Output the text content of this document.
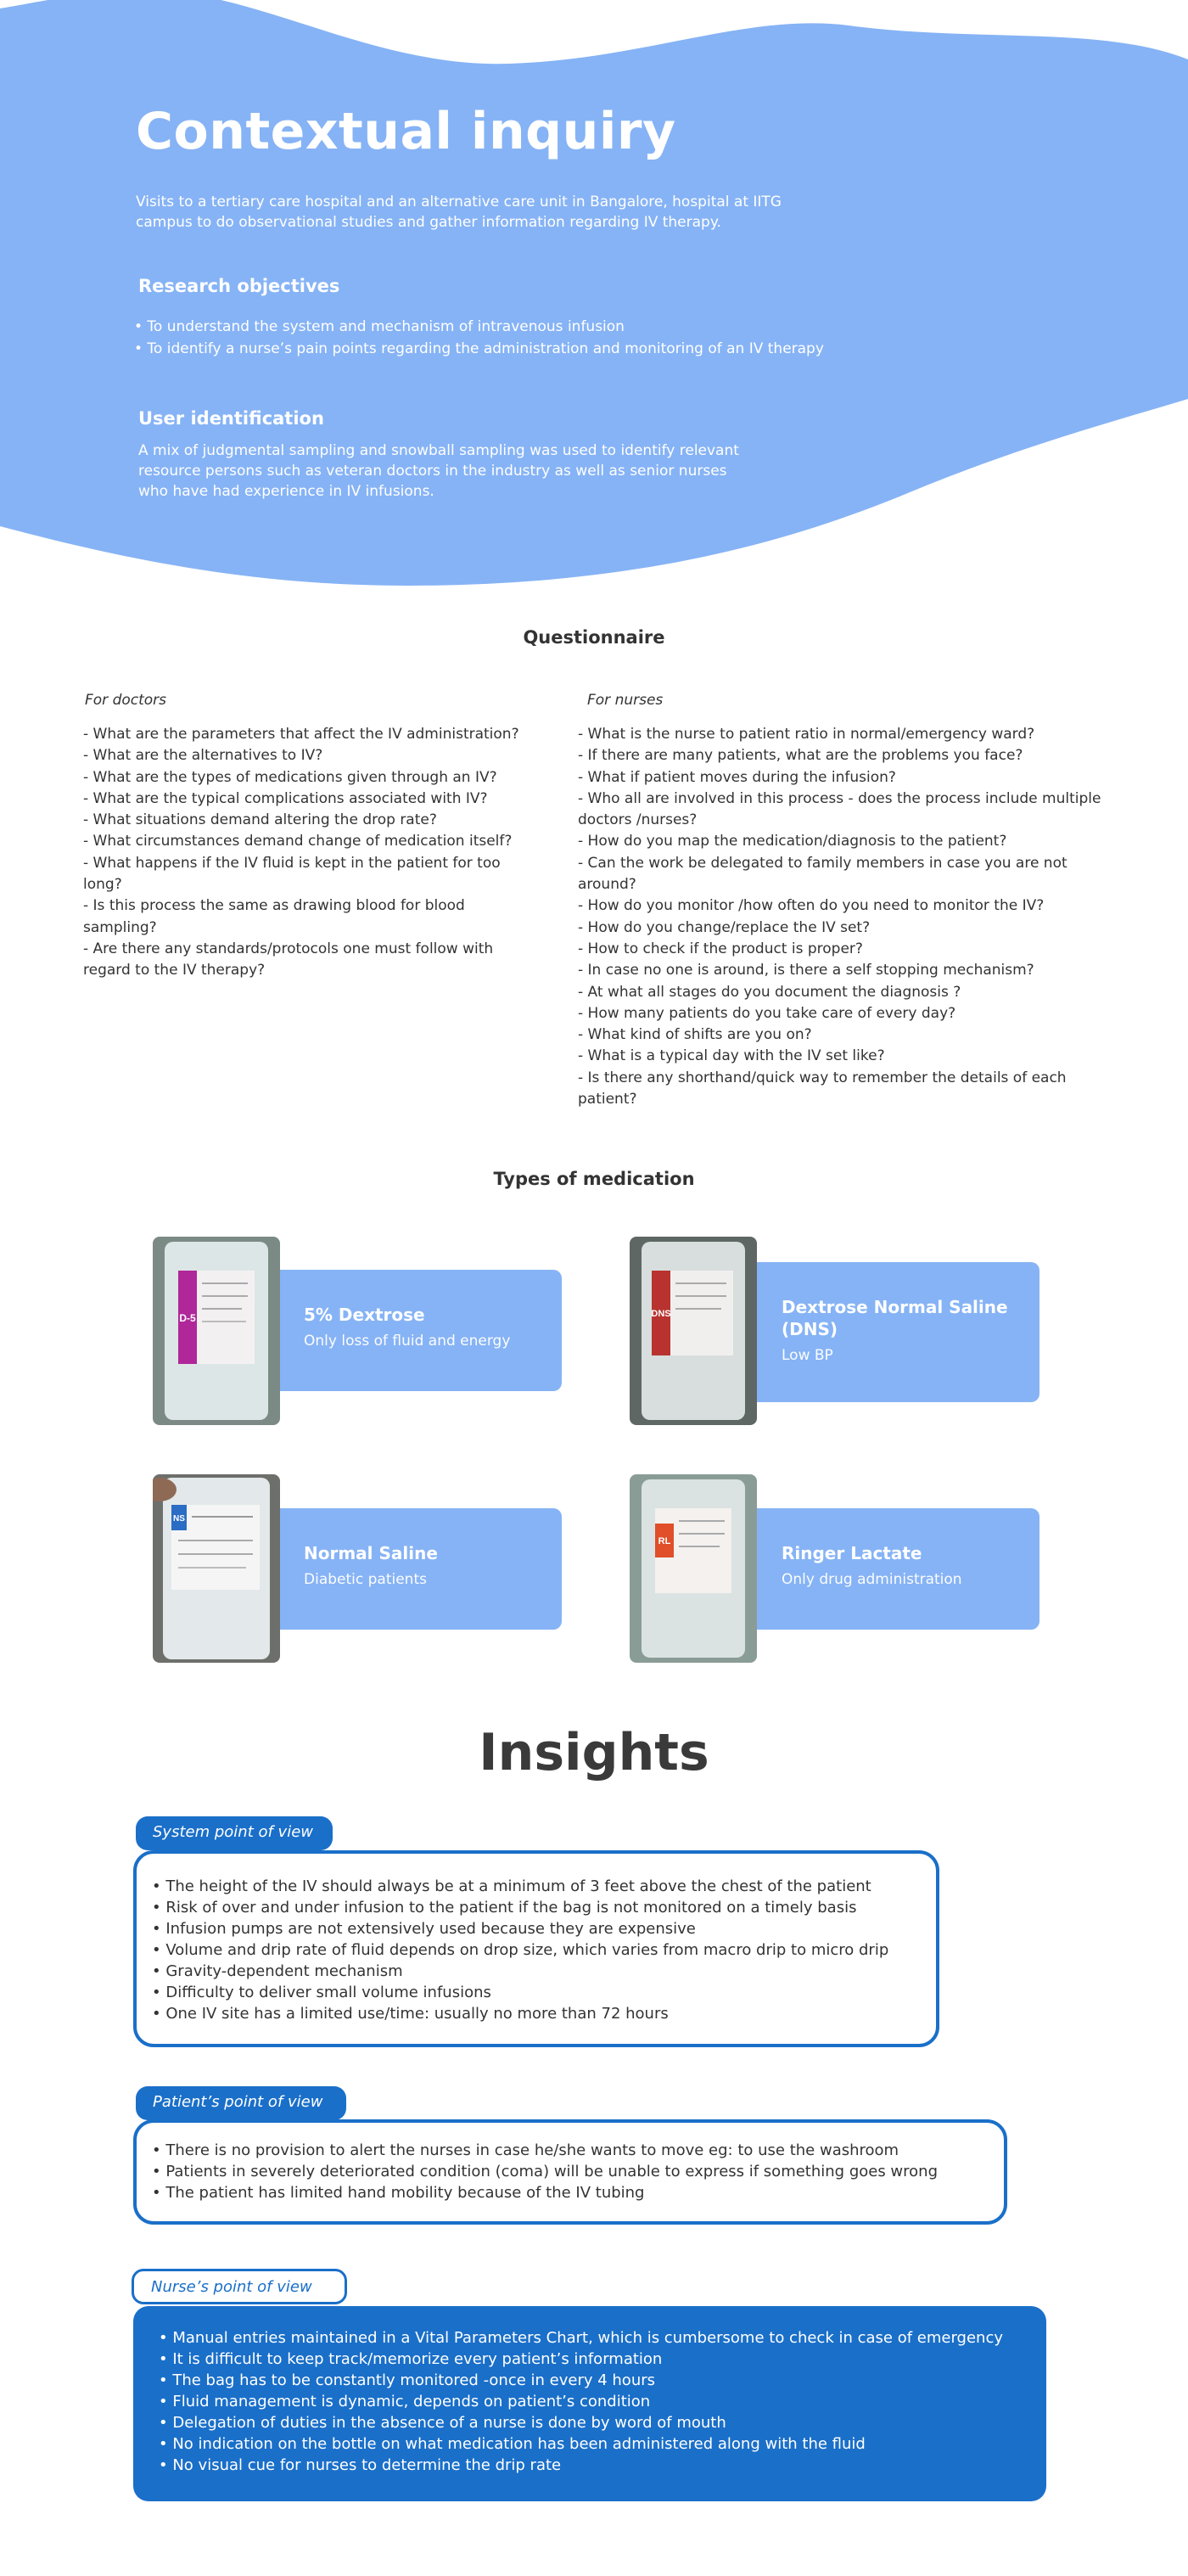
Contextual inquiry
Visits to a tertiary care hospital and an alternative care unit in Bangalore, hospital at IITG campus to do observational studies and gather information regarding IV therapy.
Research objectives
• To understand the system and mechanism of intravenous infusion
• To identify a nurse’s pain points regarding the administration and monitoring of an IV therapy
User identification
A mix of judgmental sampling and snowball sampling was used to identify relevant resource persons such as veteran doctors in the industry as well as senior nurses who have had experience in IV infusions.
Questionnaire
For doctors
- What are the parameters that affect the IV administration?
- What are the alternatives to IV?
- What are the types of medications given through an IV?
- What are the typical complications associated with IV?
- What situations demand altering the drop rate?
- What circumstances demand change of medication itself?
- What happens if the IV fluid is kept in the patient for too long?
- Is this process the same as drawing blood for blood sampling?
- Are there any standards/protocols one must follow with regard to the IV therapy?
For nurses
- What is the nurse to patient ratio in normal/emergency ward?
- If there are many patients, what are the problems you face?
- What if patient moves during the infusion?
- Who all are involved in this process - does the process include multiple doctors /nurses?
- How do you map the medication/diagnosis to the patient?
- Can the work be delegated to family members in case you are not around?
- How do you monitor /how often do you need to monitor the IV?
- How do you change/replace the IV set?
- How to check if the product is proper?
- In case no one is around, is there a self stopping mechanism?
- At what all stages do you document the diagnosis ?
- How many patients do you take care of every day?
- What kind of shifts are you on?
- What is a typical day with the IV set like?
- Is there any shorthand/quick way to remember the details of each patient?
Types of medication
5% Dextrose
Only loss of fluid and energy
D-5
Dextrose Normal Saline (DNS)
Low BP
DNS
Normal Saline
Diabetic patients
NS
Ringer Lactate
Only drug administration
RL
Insights
• The height of the IV should always be at a minimum of 3 feet above the chest of the patient
• Risk of over and under infusion to the patient if the bag is not monitored on a timely basis
• Infusion pumps are not extensively used because they are expensive
• Volume and drip rate of fluid depends on drop size, which varies from macro drip to micro drip
• Gravity-dependent mechanism
• Difficulty to deliver small volume infusions
• One IV site has a limited use/time: usually no more than 72 hours
System point of view
• There is no provision to alert the nurses in case he/she wants to move eg: to use the washroom
• Patients in severely deteriorated condition (coma) will be unable to express if something goes wrong
• The patient has limited hand mobility because of the IV tubing
Patient’s point of view
• Manual entries maintained in a Vital Parameters Chart, which is cumbersome to check in case of emergency
• It is difficult to keep track/memorize every patient’s information
• The bag has to be constantly monitored -once in every 4 hours
• Fluid management is dynamic, depends on patient’s condition
• Delegation of duties in the absence of a nurse is done by word of mouth
• No indication on the bottle on what medication has been administered along with the fluid
• No visual cue for nurses to determine the drip rate
Nurse’s point of view
